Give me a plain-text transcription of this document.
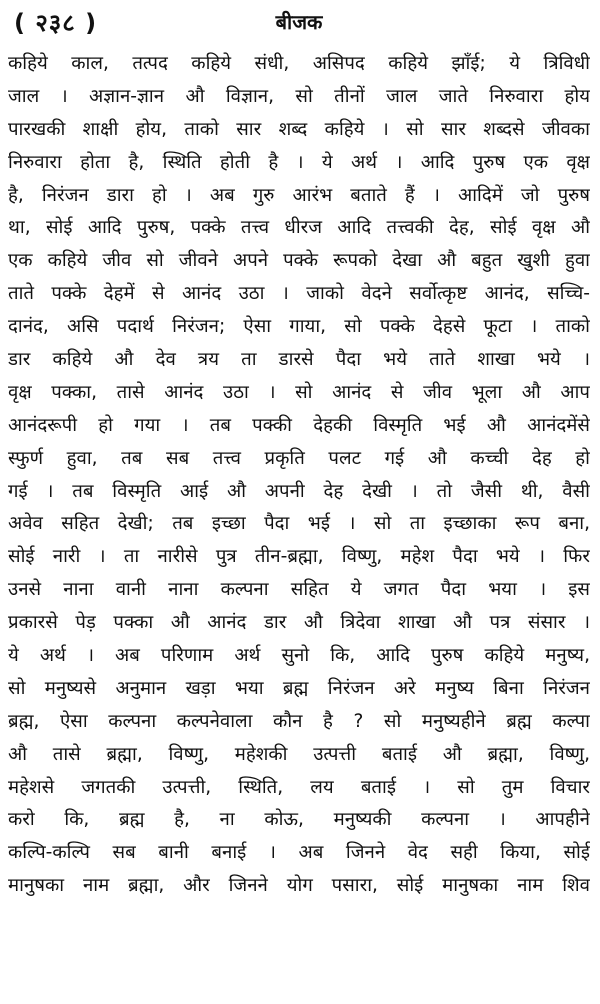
( २३८ )	बीजक
कहिये काल, तत्पद कहिये संधी, असिपद कहिये झाँई; ये त्रिविधी
जाल । अज्ञान-ज्ञान औ विज्ञान, सो तीनों जाल जाते निरुवारा होय
पारखकी शाक्षी होय, ताको सार शब्द कहिये । सो सार शब्दसे जीवका
निरुवारा होता है, स्थिति होती है । ये अर्थ । आदि पुरुष एक वृक्ष
है, निरंजन डारा हो । अब गुरु आरंभ बताते हैं । आदिमें जो पुरुष
था, सोई आदि पुरुष, पक्के तत्त्व धीरज आदि तत्त्वकी देह, सोई वृक्ष औ
एक कहिये जीव सो जीवने अपने पक्के रूपको देखा औ बहुत खुशी हुवा
ताते पक्के देहमें से आनंद उठा । जाको वेदने सर्वोत्कृष्ट आनंद, सच्चि-
दानंद, असि पदार्थ निरंजन; ऐसा गाया, सो पक्के देहसे फूटा । ताको
डार कहिये औ देव त्रय ता डारसे पैदा भये ताते शाखा भये ।
वृक्ष पक्का, तासे आनंद उठा । सो आनंद से जीव भूला औ आप
आनंदरूपी हो गया । तब पक्की देहकी विस्मृति भई औ आनंदमेंसे
स्फुर्ण हुवा, तब सब तत्त्व प्रकृति पलट गई औ कच्ची देह हो
गई । तब विस्मृति आई औ अपनी देह देखी । तो जैसी थी, वैसी
अवेव सहित देखी; तब इच्छा पैदा भई । सो ता इच्छाका रूप बना,
सोई नारी । ता नारीसे पुत्र तीन-ब्रह्मा, विष्णु, महेश पैदा भये । फिर
उनसे नाना वानी नाना कल्पना सहित ये जगत पैदा भया । इस
प्रकारसे पेड़ पक्का औ आनंद डार औ त्रिदेवा शाखा औ पत्र संसार ।
ये अर्थ । अब परिणाम अर्थ सुनो कि, आदि पुरुष कहिये मनुष्य,
सो मनुष्यसे अनुमान खड़ा भया ब्रह्म निरंजन अरे मनुष्य बिना निरंजन
ब्रह्म, ऐसा कल्पना कल्पनेवाला कौन है ? सो मनुष्यहीने ब्रह्म कल्पा
औ तासे ब्रह्मा, विष्णु, महेशकी उत्पत्ती बताई औ ब्रह्मा, विष्णु,
महेशसे जगतकी उत्पत्ती, स्थिति, लय बताई । सो तुम विचार
करो कि, ब्रह्म है, ना कोऊ, मनुष्यकी कल्पना । आपहीने
कल्पि-कल्पि सब बानी बनाई । अब जिनने वेद सही किया, सोई
मानुषका नाम ब्रह्मा, और जिनने योग पसारा, सोई मानुषका नाम शिव
